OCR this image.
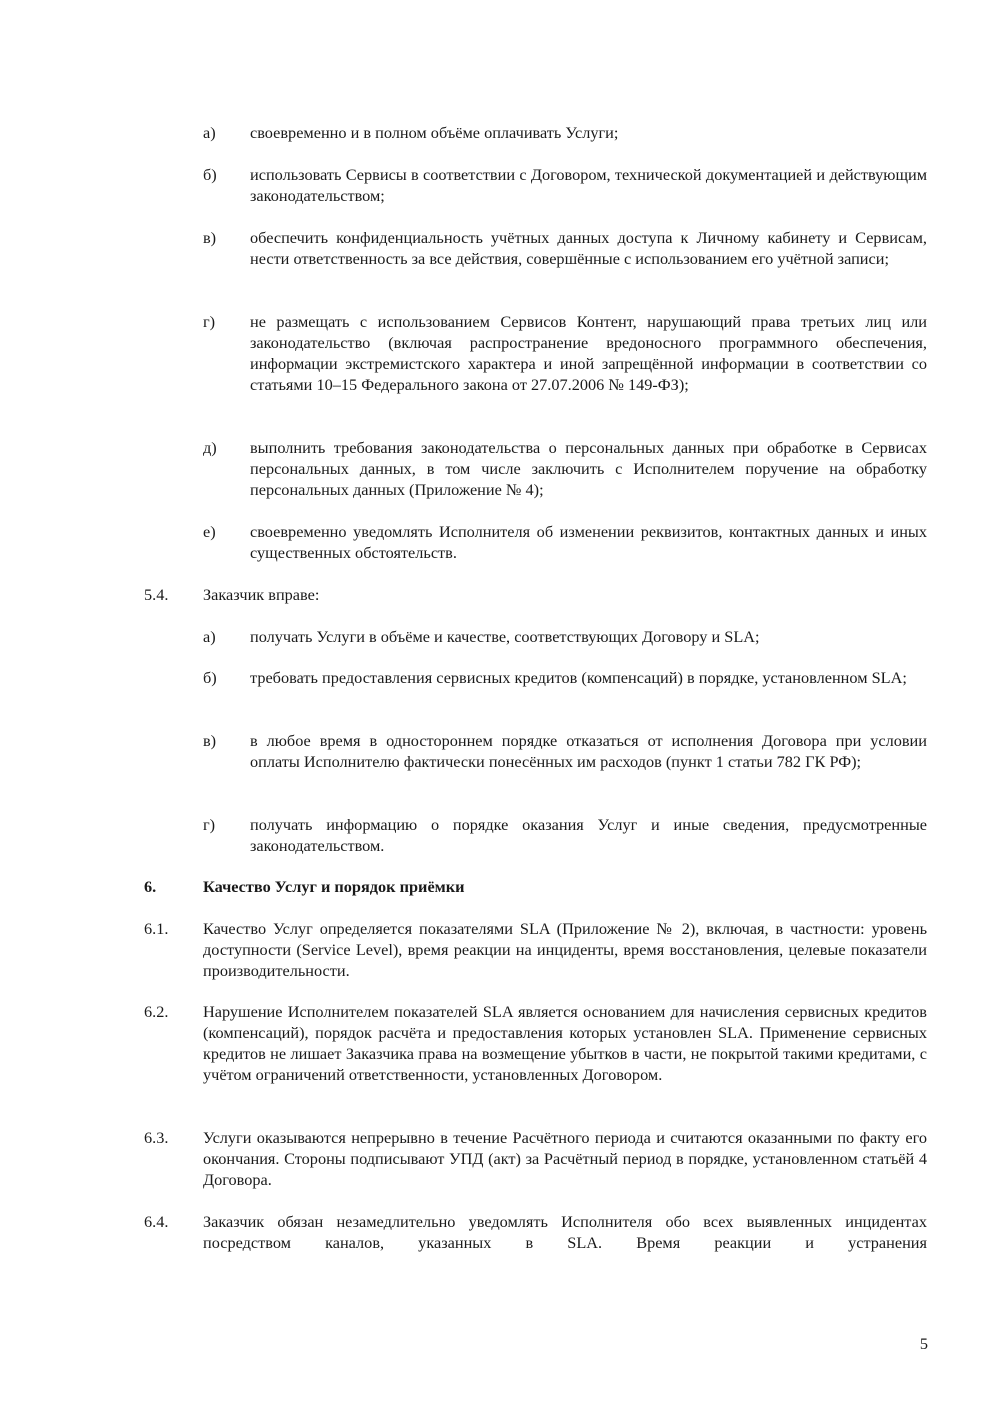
а) своевременно и в полном объёме оплачивать Услуги;
б) использовать Сервисы в соответствии с Договором, технической документацией и действующим законодательством;
в) обеспечить конфиденциальность учётных данных доступа к Личному кабинету и Сервисам, нести ответственность за все действия, совершённые с использованием его учётной записи;
г) не размещать с использованием Сервисов Контент, нарушающий права третьих лиц или законодательство (включая распространение вредоносного программного обеспечения, информации экстремистского характера и иной запрещённой информации в соответствии со статьями 10–15 Федерального закона от 27.07.2006 № 149-ФЗ);
д) выполнить требования законодательства о персональных данных при обработке в Сервисах персональных данных, в том числе заключить с Исполнителем поручение на обработку персональных данных (Приложение № 4);
е) своевременно уведомлять Исполнителя об изменении реквизитов, контактных данных и иных существенных обстоятельств.
5.4. Заказчик вправе:
а) получать Услуги в объёме и качестве, соответствующих Договору и SLA;
б) требовать предоставления сервисных кредитов (компенсаций) в порядке, установленном SLA;
в) в любое время в одностороннем порядке отказаться от исполнения Договора при условии оплаты Исполнителю фактически понесённых им расходов (пункт 1 статьи 782 ГК РФ);
г) получать информацию о порядке оказания Услуг и иные сведения, предусмотренные законодательством.
6.	Качество Услуг и порядок приёмки
6.1. Качество Услуг определяется показателями SLA (Приложение № 2), включая, в частности: уровень доступности (Service Level), время реакции на инциденты, время восстановления, целевые показатели производительности.
6.2. Нарушение Исполнителем показателей SLA является основанием для начисления сервисных кредитов (компенсаций), порядок расчёта и предоставления которых установлен SLA. Применение сервисных кредитов не лишает Заказчика права на возмещение убытков в части, не покрытой такими кредитами, с учётом ограничений ответственности, установленных Договором.
6.3. Услуги оказываются непрерывно в течение Расчётного периода и считаются оказанными по факту его окончания. Стороны подписывают УПД (акт) за Расчётный период в порядке, установленном статьёй 4 Договора.
6.4. Заказчик обязан незамедлительно уведомлять Исполнителя обо всех выявленных инцидентах посредством каналов, указанных в SLA. Время реакции и устранения
5
